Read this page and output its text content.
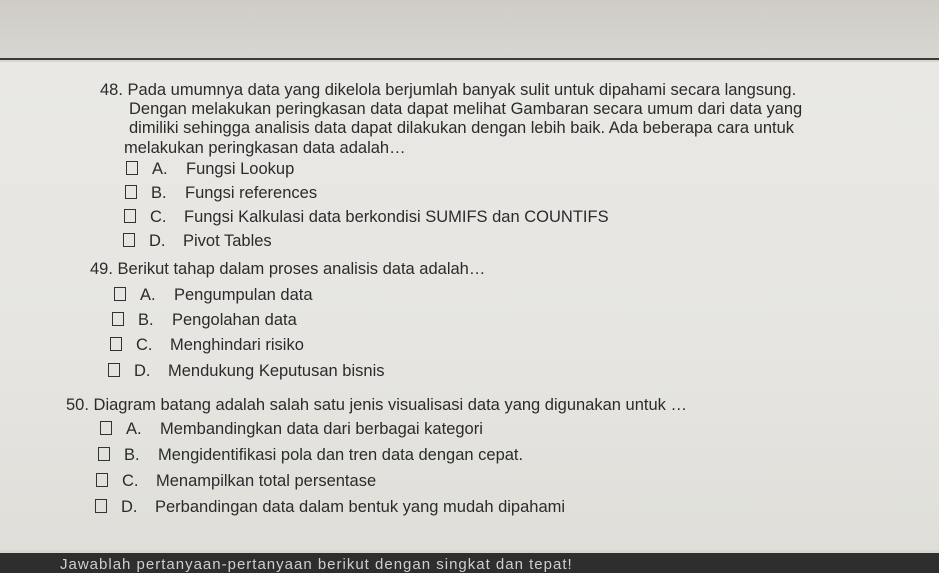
48. Pada umumnya data yang dikelola berjumlah banyak sulit untuk dipahami secara langsung.
Dengan melakukan peringkasan data dapat melihat Gambaran secara umum dari data yang
dimiliki sehingga analisis data dapat dilakukan dengan lebih baik. Ada beberapa cara untuk
melakukan peringkasan data adalah…
A. Fungsi Lookup
B. Fungsi references
C. Fungsi Kalkulasi data berkondisi SUMIFS dan COUNTIFS
D. Pivot Tables
49. Berikut tahap dalam proses analisis data adalah…
A. Pengumpulan data
B. Pengolahan data
C. Menghindari risiko
D. Mendukung Keputusan bisnis
50. Diagram batang adalah salah satu jenis visualisasi data yang digunakan untuk …
A. Membandingkan data dari berbagai kategori
B. Mengidentifikasi pola dan tren data dengan cepat.
C. Menampilkan total persentase
D. Perbandingan data dalam bentuk yang mudah dipahami
Jawablah pertanyaan-pertanyaan berikut dengan singkat dan tepat!
